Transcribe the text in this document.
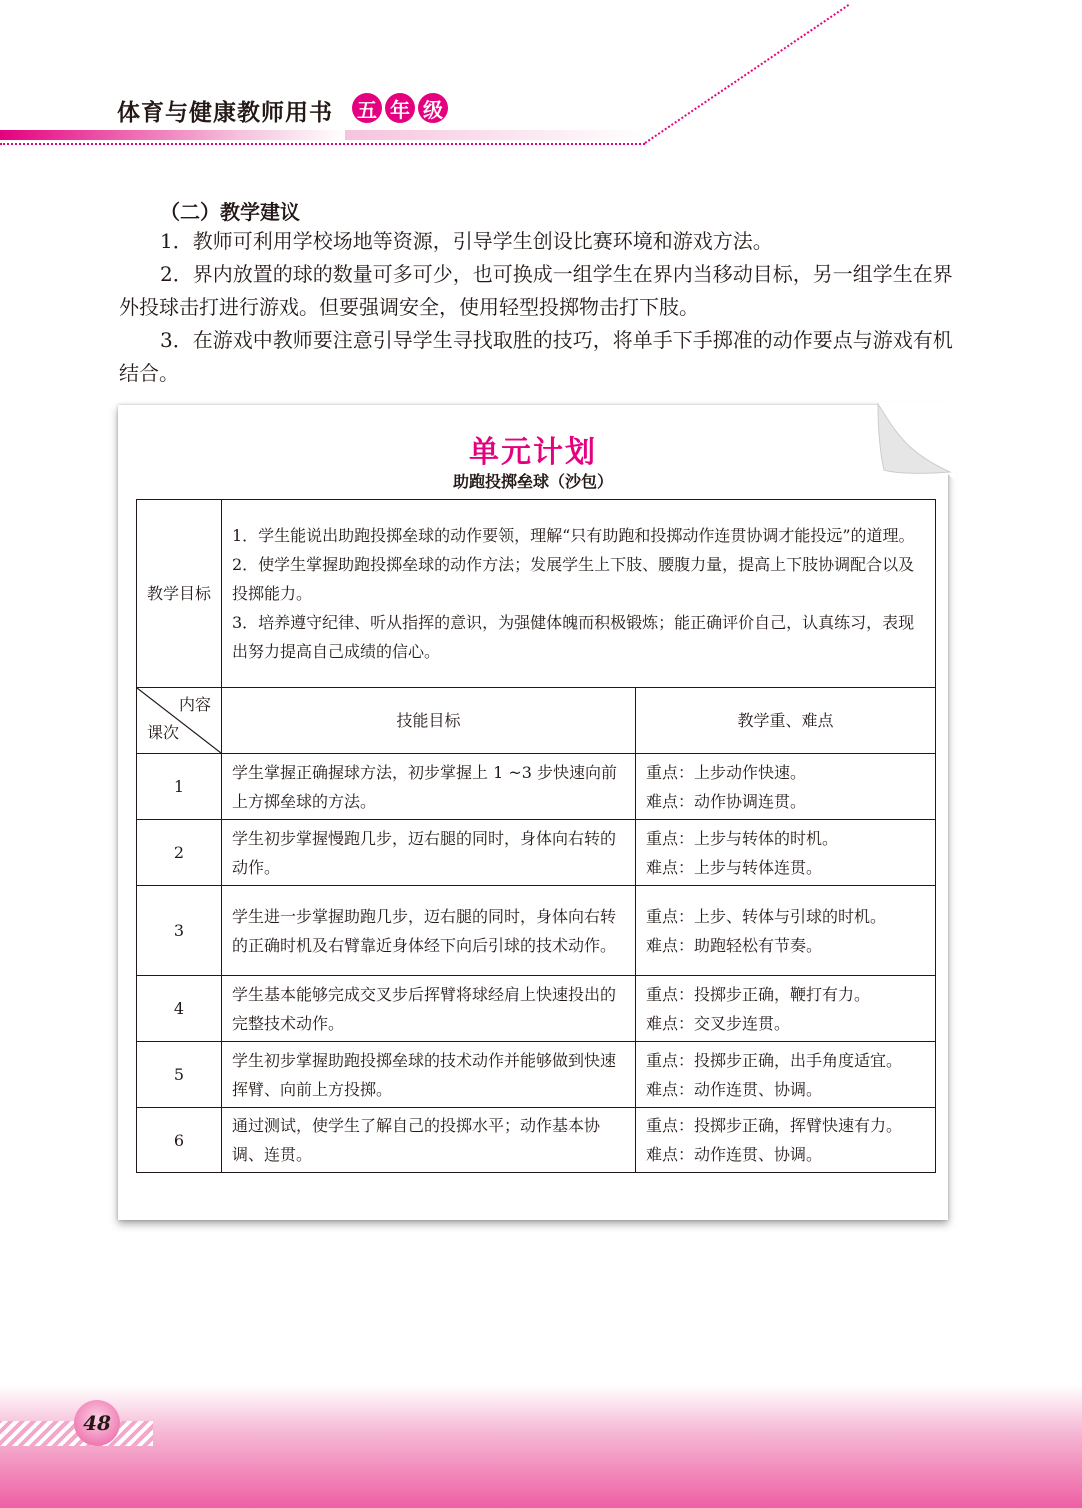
体育与健康教师用书 五 年 级
（二）教学建议
1．教师可利用学校场地等资源，引导学生创设比赛环境和游戏方法。
2．界内放置的球的数量可多可少，也可换成一组学生在界内当移动目标，另一组学生在界外投球击打进行游戏。但要强调安全，使用轻型投掷物击打下肢。
3．在游戏中教师要注意引导学生寻找取胜的技巧，将单手下手掷准的动作要点与游戏有机结合。
单元计划
助跑投掷垒球（沙包）
教学目标	1．学生能说出助跑投掷垒球的动作要领，理解“只有助跑和投掷动作连贯协调才能投远”的道理。
2．使学生掌握助跑投掷垒球的动作方法；发展学生上下肢、腰腹力量，提高上下肢协调配合以及投掷能力。
3．培养遵守纪律、听从指挥的意识，为强健体魄而积极锻炼；能正确评价自己，认真练习，表现出努力提高自己成绩的信心。	

内容
课次	技能目标	教学重、难点
1	学生掌握正确握球方法，初步掌握上 1 ~3 步快速向前上方掷垒球的方法。	重点：上步动作快速。
难点：动作协调连贯。

2	学生初步掌握慢跑几步，迈右腿的同时，身体向右转的动作。	重点：上步与转体的时机。
难点：上步与转体连贯。

3	学生进一步掌握助跑几步，迈右腿的同时，身体向右转的正确时机及右臂靠近身体经下向后引球的技术动作。	重点：上步、转体与引球的时机。
难点：助跑轻松有节奏。

4	学生基本能够完成交叉步后挥臂将球经肩上快速投出的完整技术动作。	重点：投掷步正确，鞭打有力。
难点：交叉步连贯。

5	学生初步掌握助跑投掷垒球的技术动作并能够做到快速挥臂、向前上方投掷。	重点：投掷步正确，出手角度适宜。
难点：动作连贯、协调。

6	通过测试，使学生了解自己的投掷水平；动作基本协调、连贯。	重点：投掷步正确，挥臂快速有力。
难点：动作连贯、协调。
48
